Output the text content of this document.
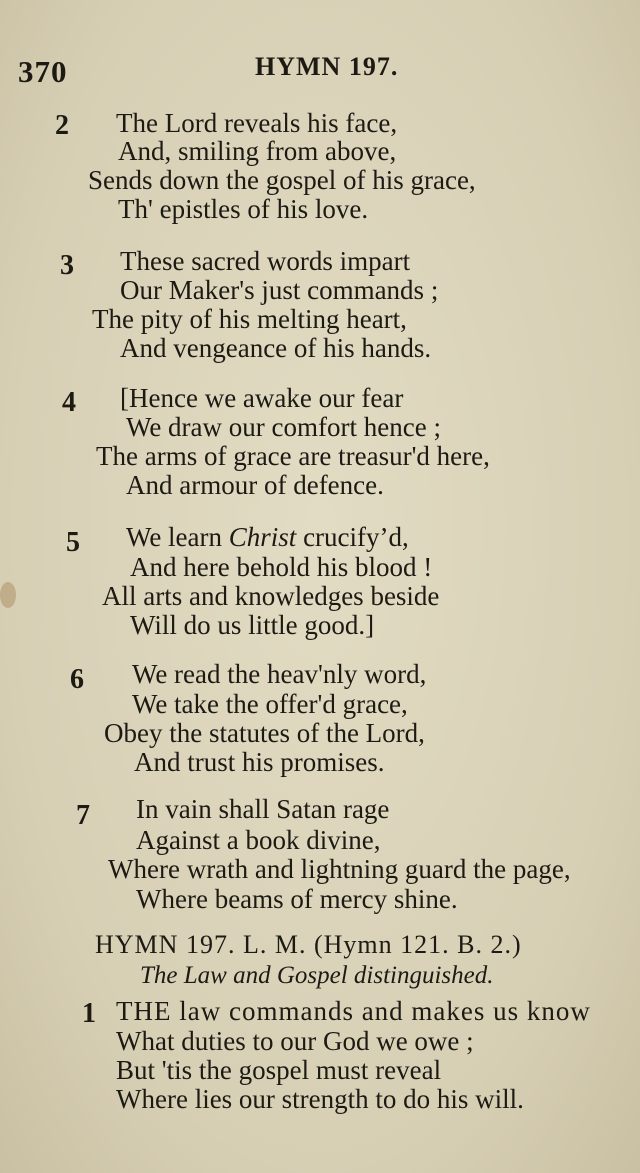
370	HYMN 197.
2 The Lord reveals his face,
And, smiling from above,
Sends down the gospel of his grace,
Th' epistles of his love.
3 These sacred words impart
Our Maker's just commands ;
The pity of his melting heart,
And vengeance of his hands.
4 [Hence we awake our fear
We draw our comfort hence ;
The arms of grace are treasur'd here,
And armour of defence.
5 We learn Christ crucify’d,
And here behold his blood !
All arts and knowledges beside
Will do us little good.]
6 We read the heav'nly word,
We take the offer'd grace,
Obey the statutes of the Lord,
And trust his promises.
7 In vain shall Satan rage
Against a book divine,
Where wrath and lightning guard the page,
Where beams of mercy shine.
HYMN 197. L. M. (Hymn 121. B. 2.)
The Law and Gospel distinguished.
1 THE law commands and makes us know
What duties to our God we owe ;
But 'tis the gospel must reveal
Where lies our strength to do his will.
